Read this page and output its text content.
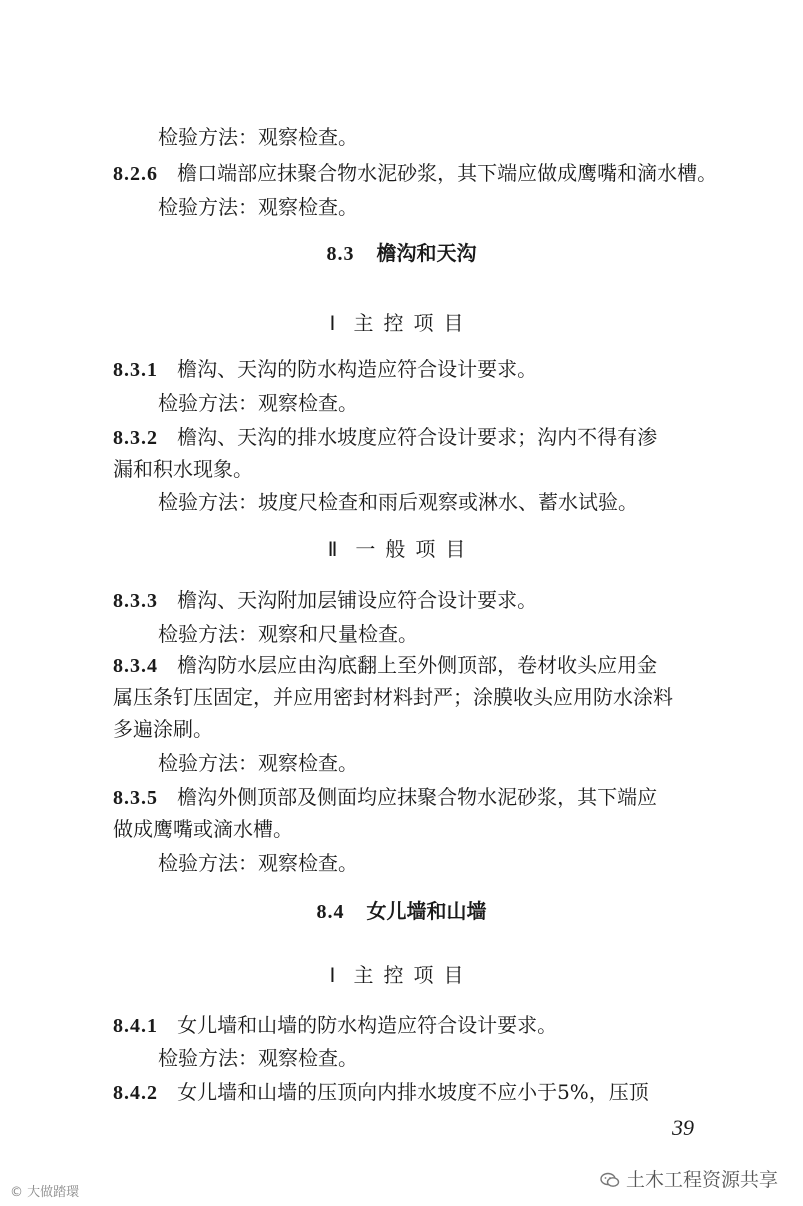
检验方法：观察检查。
8.2.6 檐口端部应抹聚合物水泥砂浆，其下端应做成鹰嘴和滴水槽。
检验方法：观察检查。
8.3 檐沟和天沟
Ⅰ 主控项目
8.3.1 檐沟、天沟的防水构造应符合设计要求。
检验方法：观察检查。
8.3.2 檐沟、天沟的排水坡度应符合设计要求；沟内不得有渗
漏和积水现象。
检验方法：坡度尺检查和雨后观察或淋水、蓄水试验。
Ⅱ 一般项目
8.3.3 檐沟、天沟附加层铺设应符合设计要求。
检验方法：观察和尺量检查。
8.3.4 檐沟防水层应由沟底翻上至外侧顶部，卷材收头应用金
属压条钉压固定，并应用密封材料封严；涂膜收头应用防水涂料
多遍涂刷。
检验方法：观察检查。
8.3.5 檐沟外侧顶部及侧面均应抹聚合物水泥砂浆，其下端应
做成鹰嘴或滴水槽。
检验方法：观察检查。
8.4 女儿墙和山墙
Ⅰ 主控项目
8.4.1 女儿墙和山墙的防水构造应符合设计要求。
检验方法：观察检查。
8.4.2 女儿墙和山墙的压顶向内排水坡度不应小于5%，压顶
39
土木工程资源共享
© 大做踏環
